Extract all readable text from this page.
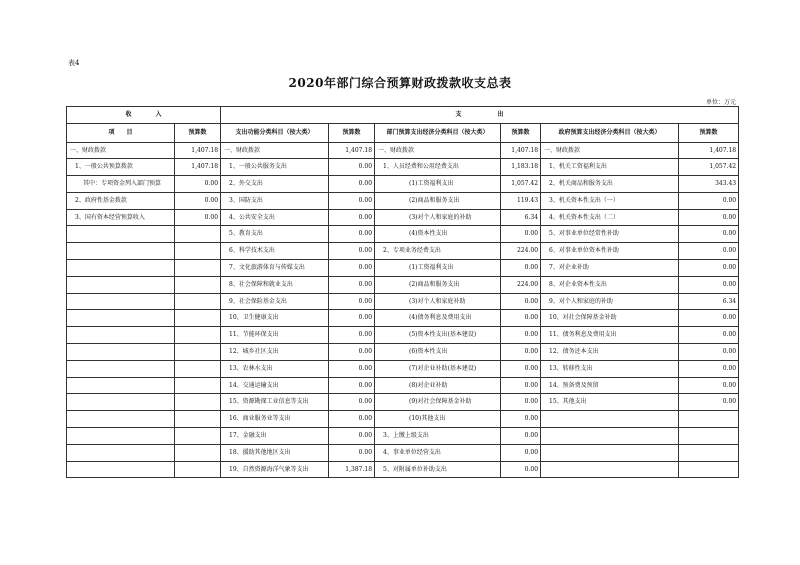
表4
2020年部门综合预算财政拨款收支总表
单位：万元
收　　　　入		支　　　　　　出					
项　　目	预算数	支出功能分类科目（按大类）	预算数	部门预算支出经济分类科目（按大类）	预算数	政府预算支出经济分类科目（按大类）	预算数
一、财政拨款	1,407.18	一、财政拨款	1,407.18	一、财政拨款	1,407.18	一、财政拨款	1,407.18
1、一般公共预算拨款	1,407.18	1、一般公共服务支出	0.00	1、人员经费和公用经费支出	1,183.18	1、机关工资福利支出	1,057.42
其中：专项资金列入部门预算	0.00	2、外交支出	0.00	(1)工资福利支出	1,057.42	2、机关商品和服务支出	343.43
2、政府性基金拨款	0.00	3、国防支出	0.00	(2)商品和服务支出	119.43	3、机关资本性支出（一）	0.00
3、国有资本经营预算收入	0.00	4、公共安全支出	0.00	(3)对个人和家庭的补助	6.34	4、机关资本性支出（二）	0.00
		5、教育支出	0.00	(4)资本性支出	0.00	5、对事业单位经常性补助	0.00
		6、科学技术支出	0.00	2、专项业务经费支出	224.00	6、对事业单位资本性补助	0.00
		7、文化旅游体育与传媒支出	0.00	(1)工资福利支出	0.00	7、对企业补助	0.00
		8、社会保障和就业支出	0.00	(2)商品和服务支出	224.00	8、对企业资本性支出	0.00
		9、社会保险基金支出	0.00	(3)对个人和家庭补助	0.00	9、对个人和家庭的补助	6.34
		10、卫生健康支出	0.00	(4)债务利息及费用支出	0.00	10、对社会保障基金补助	0.00
		11、节能环保支出	0.00	(5)资本性支出(基本建设)	0.00	11、债务利息及费用支出	0.00
		12、城乡社区支出	0.00	(6)资本性支出	0.00	12、债务还本支出	0.00
		13、农林水支出	0.00	(7)对企业补助(基本建设)	0.00	13、转移性支出	0.00
		14、交通运输支出	0.00	(8)对企业补助	0.00	14、预备费及预留	0.00
		15、资源勘探工业信息等支出	0.00	(9)对社会保障基金补助	0.00	15、其他支出	0.00
		16、商业服务业等支出	0.00	(10)其他支出	0.00		
		17、金融支出	0.00	3、上缴上级支出	0.00		
		18、援助其他地区支出	0.00	4、事业单位经营支出	0.00		
		19、自然资源海洋气象等支出	1,387.18	5、对附属单位补助支出	0.00		
